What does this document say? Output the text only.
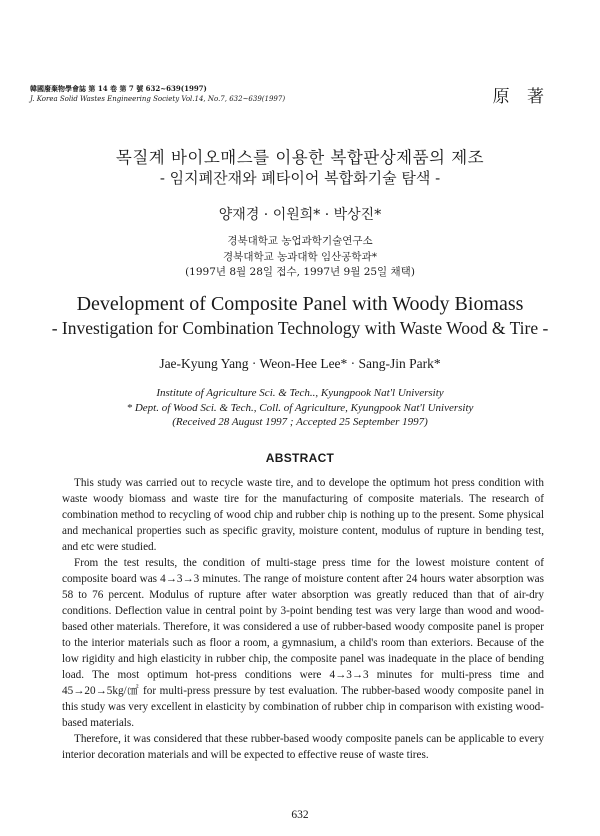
韓國廢棄物學會誌 第 14 卷 第 7 號 632~639(1997)
J. Korea Solid Wastes Engineering Society Vol.14, No.7, 632~639(1997)	原 著
목질계 바이오매스를 이용한 복합판상제품의 제조
- 임지폐잔재와 폐타이어 복합화기술 탐색 -
양재경 · 이원희* · 박상진*
경북대학교 농업과학기술연구소
경북대학교 농과대학 임산공학과*
(1997년 8월 28일 접수, 1997년 9월 25일 채택)
Development of Composite Panel with Woody Biomass
- Investigation for Combination Technology with Waste Wood & Tire -
Jae-Kyung Yang · Weon-Hee Lee* · Sang-Jin Park*
Institute of Agriculture Sci. & Tech.., Kyungpook Nat'l University
* Dept. of Wood Sci. & Tech., Coll. of Agriculture, Kyungpook Nat'l University
(Received 28 August 1997 ; Accepted 25 September 1997)
ABSTRACT

This study was carried out to recycle waste tire, and to develope the optimum hot press condition with waste woody biomass and waste tire for the manufacturing of composite materials. The research of combination method to recycling of wood chip and rubber chip is nothing up to the present. Some physical and mechanical properties such as specific gravity, moisture content, modulus of rupture in bending test, and etc were studied.

From the test results, the condition of multi-stage press time for the lowest moisture content of composite board was 4→3→3 minutes. The range of moisture content after 24 hours water absorption was 58 to 76 percent. Modulus of rupture after water absorption was greatly reduced than that of air-dry conditions. Deflection value in central point by 3-point bending test was very large than wood and wood-based other materials. Therefore, it was considered a use of rubber-based woody composite panel is proper to the interior materials such as floor a room, a gymnasium, a child's room than exteriors. Because of the low rigidity and high elasticity in rubber chip, the composite panel was inadequate in the place of bending load. The most optimum hot-press conditions were 4→3→3 minutes for multi-press time and 45→20→5kg/㎠ for multi-press pressure by test evaluation. The rubber-based woody composite panel in this study was very excellent in elasticity by combination of rubber chip in comparison with existing wood-based materials.

Therefore, it was considered that these rubber-based woody composite panels can be applicable to every interior decoration materials and will be expected to effective reuse of waste tires.

632
